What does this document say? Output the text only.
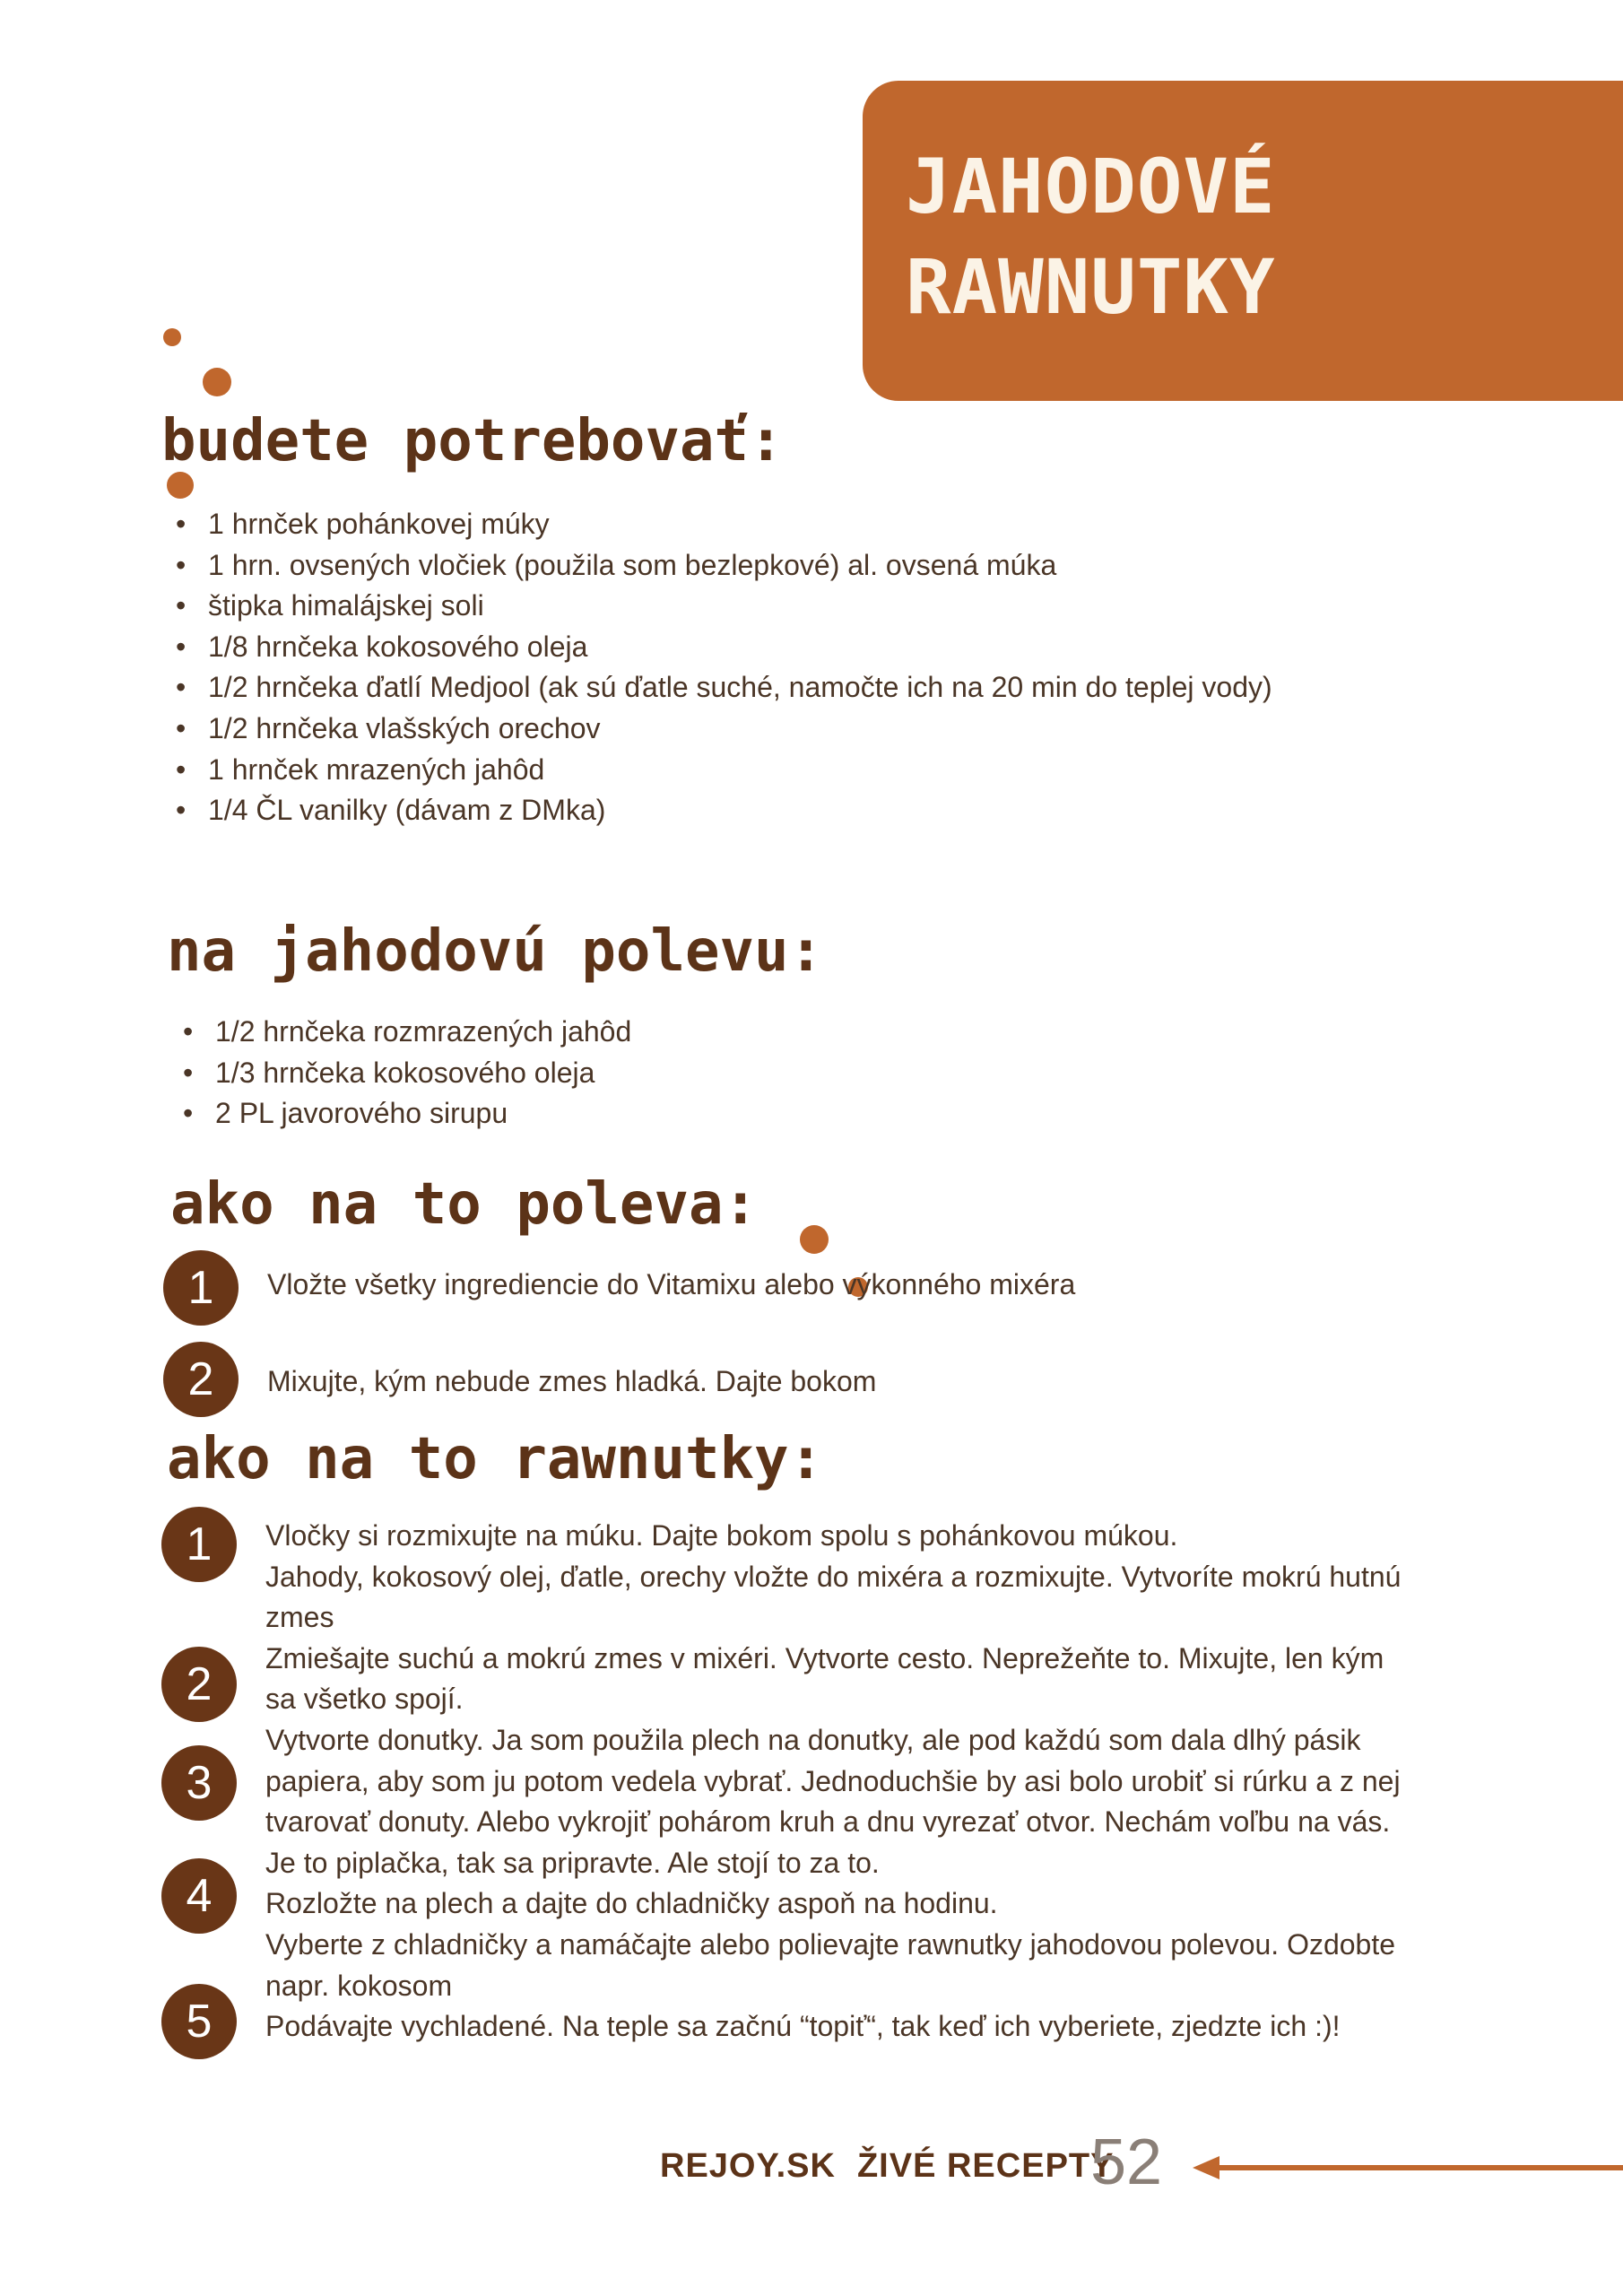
JAHODOVÉ
RAWNUTKY
budete potrebovať:
• 1 hrnček pohánkovej múky
• 1 hrn. ovsených vločiek (použila som bezlepkové) al. ovsená múka
• štipka himalájskej soli
• 1/8 hrnčeka kokosového oleja
• 1/2 hrnčeka ďatlí Medjool (ak sú ďatle suché, namočte ich na 20 min do teplej vody)
• 1/2 hrnčeka vlašských orechov
• 1 hrnček mrazených jahôd
• 1/4 ČL vanilky (dávam z DMka)
na jahodovú polevu:
• 1/2 hrnčeka rozmrazených jahôd
• 1/3 hrnčeka kokosového oleja
• 2 PL javorového sirupu
ako na to poleva:
1	Vložte všetky ingrediencie do Vitamixu alebo výkonného mixéra
2	Mixujte, kým nebude zmes hladká. Dajte bokom
ako na to rawnutky:
1
2
3
4
5
Vločky si rozmixujte na múku. Dajte bokom spolu s pohánkovou múkou.
Jahody, kokosový olej, ďatle, orechy vložte do mixéra a rozmixujte. Vytvoríte mokrú hutnú
zmes
Zmiešajte suchú a mokrú zmes v mixéri. Vytvorte cesto. Neprežeňte to. Mixujte, len kým
sa všetko spojí.
Vytvorte donutky. Ja som použila plech na donutky, ale pod každú som dala dlhý pásik
papiera, aby som ju potom vedela vybrať. Jednoduchšie by asi bolo urobiť si rúrku a z nej
tvarovať donuty. Alebo vykrojiť pohárom kruh a dnu vyrezať otvor. Nechám voľbu na vás.
Je to piplačka, tak sa pripravte. Ale stojí to za to.
Rozložte na plech a dajte do chladničky aspoň na hodinu.
Vyberte z chladničky a namáčajte alebo polievajte rawnutky jahodovou polevou. Ozdobte
napr. kokosom
Podávajte vychladené. Na teple sa začnú “topiť“, tak keď ich vyberiete, zjedzte ich :)!
REJOY.SK ŽIVÉ RECEPTY
52
